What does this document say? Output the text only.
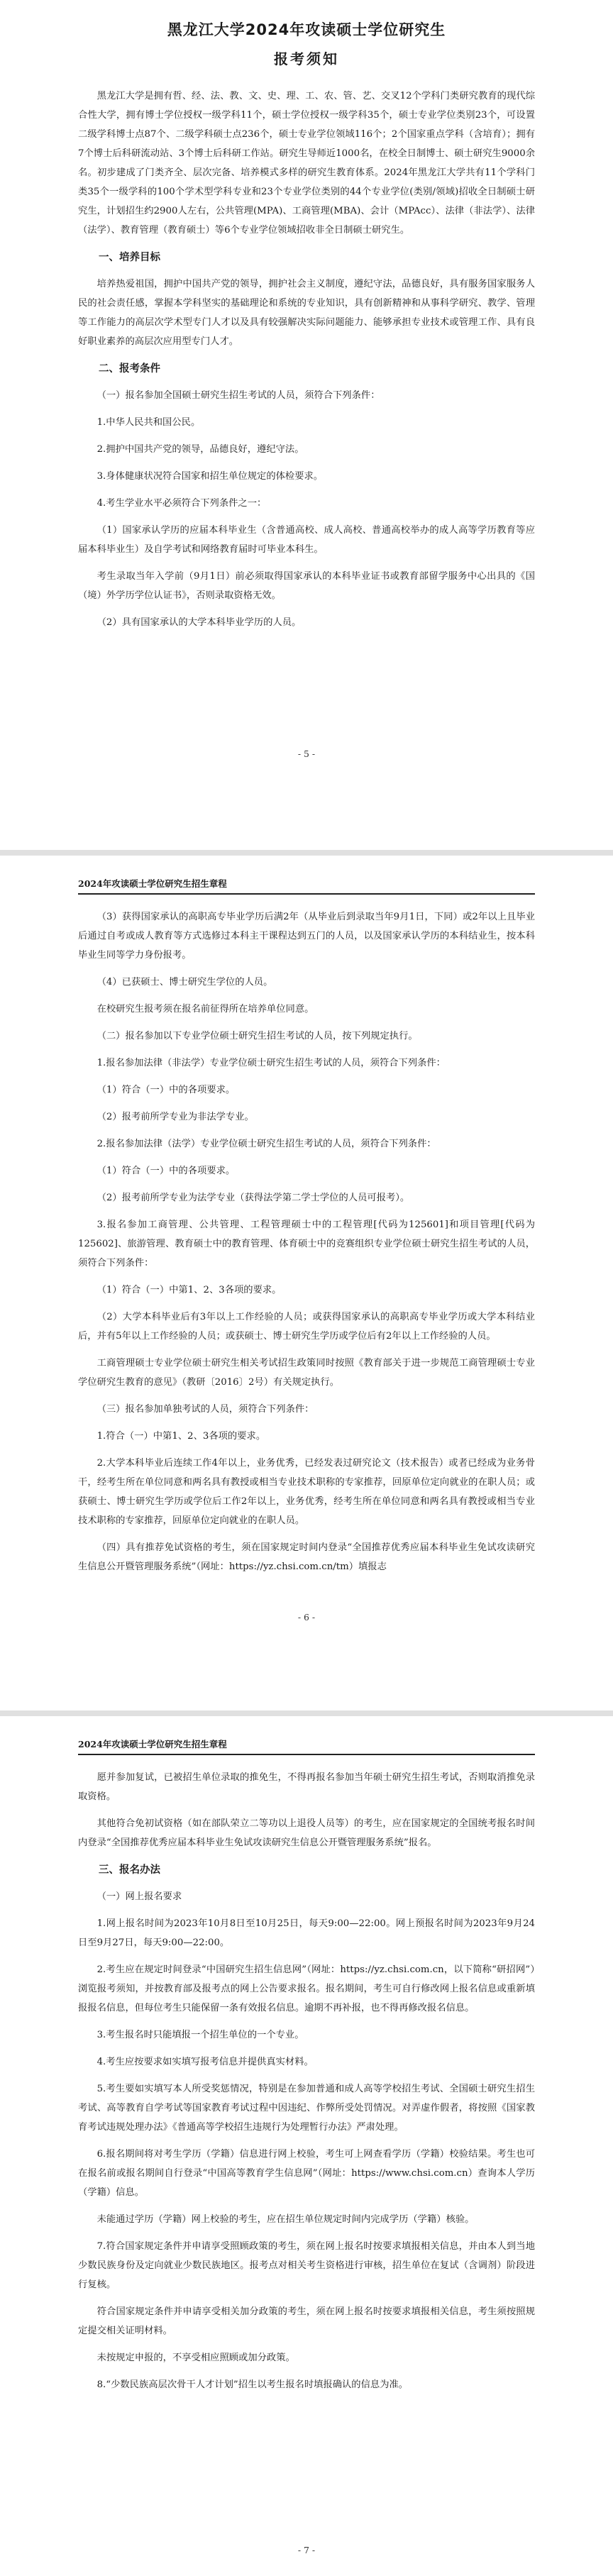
黑龙江大学2024年攻读硕士学位研究生
报考须知

黑龙江大学是拥有哲、经、法、教、文、史、理、工、农、管、艺、交叉12个学科门类研究教育的现代综合性大学，拥有博士学位授权一级学科11个，硕士学位授权一级学科35个，硕士专业学位类别23个，可设置二级学科博士点87个、二级学科硕士点236个，硕士专业学位领域116个；2个国家重点学科（含培育）；拥有7个博士后科研流动站、3个博士后科研工作站。研究生导师近1000名，在校全日制博士、硕士研究生9000余名。初步建成了门类齐全、层次完备、培养模式多样的研究生教育体系。2024年黑龙江大学共有11个学科门类35个一级学科的100个学术型学科专业和23个专业学位类别的44个专业学位(类别/领域)招收全日制硕士研究生，计划招生约2900人左右，公共管理(MPA)、工商管理(MBA)、会计（MPAcc）、法律（非法学）、法律（法学）、教育管理（教育硕士）等6个专业学位领域招收非全日制硕士研究生。

一、培养目标

培养热爱祖国，拥护中国共产党的领导，拥护社会主义制度，遵纪守法，品德良好，具有服务国家服务人民的社会责任感，掌握本学科坚实的基础理论和系统的专业知识，具有创新精神和从事科学研究、教学、管理等工作能力的高层次学术型专门人才以及具有较强解决实际问题能力、能够承担专业技术或管理工作、具有良好职业素养的高层次应用型专门人才。

二、报考条件

（一）报名参加全国硕士研究生招生考试的人员，须符合下列条件：

1.中华人民共和国公民。

2.拥护中国共产党的领导，品德良好，遵纪守法。

3.身体健康状况符合国家和招生单位规定的体检要求。

4.考生学业水平必须符合下列条件之一：

（1）国家承认学历的应届本科毕业生（含普通高校、成人高校、普通高校举办的成人高等学历教育等应届本科毕业生）及自学考试和网络教育届时可毕业本科生。

考生录取当年入学前（9月1日）前必须取得国家承认的本科毕业证书或教育部留学服务中心出具的《国（境）外学历学位认证书》，否则录取资格无效。

（2）具有国家承认的大学本科毕业学历的人员。

- 5 -
2024年攻读硕士学位研究生招生章程

（3）获得国家承认的高职高专毕业学历后满2年（从毕业后到录取当年9月1日，下同）或2年以上且毕业后通过自考或成人教育等方式选修过本科主干课程达到五门的人员，以及国家承认学历的本科结业生，按本科毕业生同等学力身份报考。

（4）已获硕士、博士研究生学位的人员。

在校研究生报考须在报名前征得所在培养单位同意。

（二）报名参加以下专业学位硕士研究生招生考试的人员，按下列规定执行。

1.报名参加法律（非法学）专业学位硕士研究生招生考试的人员，须符合下列条件：

（1）符合（一）中的各项要求。

（2）报考前所学专业为非法学专业。

2.报名参加法律（法学）专业学位硕士研究生招生考试的人员，须符合下列条件：

（1）符合（一）中的各项要求。

（2）报考前所学专业为法学专业（获得法学第二学士学位的人员可报考）。

3.报名参加工商管理、公共管理、工程管理硕士中的工程管理[代码为125601]和项目管理[代码为125602]、旅游管理、教育硕士中的教育管理、体育硕士中的竞赛组织专业学位硕士研究生招生考试的人员，须符合下列条件：

（1）符合（一）中第1、2、3各项的要求。

（2）大学本科毕业后有3年以上工作经验的人员；或获得国家承认的高职高专毕业学历或大学本科结业后，并有5年以上工作经验的人员；或获硕士、博士研究生学历或学位后有2年以上工作经验的人员。

工商管理硕士专业学位硕士研究生相关考试招生政策同时按照《教育部关于进一步规范工商管理硕士专业学位研究生教育的意见》（教研〔2016〕2号）有关规定执行。

（三）报名参加单独考试的人员，须符合下列条件：

1.符合（一）中第1、2、3各项的要求。

2.大学本科毕业后连续工作4年以上，业务优秀，已经发表过研究论文（技术报告）或者已经成为业务骨干，经考生所在单位同意和两名具有教授或相当专业技术职称的专家推荐，回原单位定向就业的在职人员；或获硕士、博士研究生学历或学位后工作2年以上，业务优秀，经考生所在单位同意和两名具有教授或相当专业技术职称的专家推荐，回原单位定向就业的在职人员。

（四）具有推荐免试资格的考生，须在国家规定时间内登录“全国推荐优秀应届本科毕业生免试攻读研究生信息公开暨管理服务系统”（网址：https://yz.chsi.com.cn/tm）填报志

- 6 -
2024年攻读硕士学位研究生招生章程

愿并参加复试，已被招生单位录取的推免生，不得再报名参加当年硕士研究生招生考试，否则取消推免录取资格。

其他符合免初试资格（如在部队荣立二等功以上退役人员等）的考生，应在国家规定的全国统考报名时间内登录“全国推荐优秀应届本科毕业生免试攻读研究生信息公开暨管理服务系统”报名。

三、报名办法

（一）网上报名要求

1.网上报名时间为2023年10月8日至10月25日，每天9:00—22:00。网上预报名时间为2023年9月24日至9月27日，每天9:00—22:00。

2.考生应在规定时间登录“中国研究生招生信息网”（网址：https://yz.chsi.com.cn，以下简称“研招网”）浏览报考须知，并按教育部及报考点的网上公告要求报名。报名期间，考生可自行修改网上报名信息或重新填报报名信息，但每位考生只能保留一条有效报名信息。逾期不再补报，也不得再修改报名信息。

3.考生报名时只能填报一个招生单位的一个专业。

4.考生应按要求如实填写报考信息并提供真实材料。

5.考生要如实填写本人所受奖惩情况，特别是在参加普通和成人高等学校招生考试、全国硕士研究生招生考试、高等教育自学考试等国家教育考试过程中因违纪、作弊所受处罚情况。对弄虚作假者，将按照《国家教育考试违规处理办法》《普通高等学校招生违规行为处理暂行办法》严肃处理。

6.报名期间将对考生学历（学籍）信息进行网上校验，考生可上网查看学历（学籍）校验结果。考生也可在报名前或报名期间自行登录“中国高等教育学生信息网”（网址：https://www.chsi.com.cn）查询本人学历（学籍）信息。

未能通过学历（学籍）网上校验的考生，应在招生单位规定时间内完成学历（学籍）核验。

7.符合国家规定条件并申请享受照顾政策的考生，须在网上报名时按要求填报相关信息，并由本人到当地少数民族身份及定向就业少数民族地区。报考点对相关考生资格进行审核，招生单位在复试（含调剂）阶段进行复核。

符合国家规定条件并申请享受相关加分政策的考生，须在网上报名时按要求填报相关信息，考生须按照规定提交相关证明材料。

未按规定申报的，不享受相应照顾或加分政策。

8.“少数民族高层次骨干人才计划”招生以考生报名时填报确认的信息为准。

- 7 -
